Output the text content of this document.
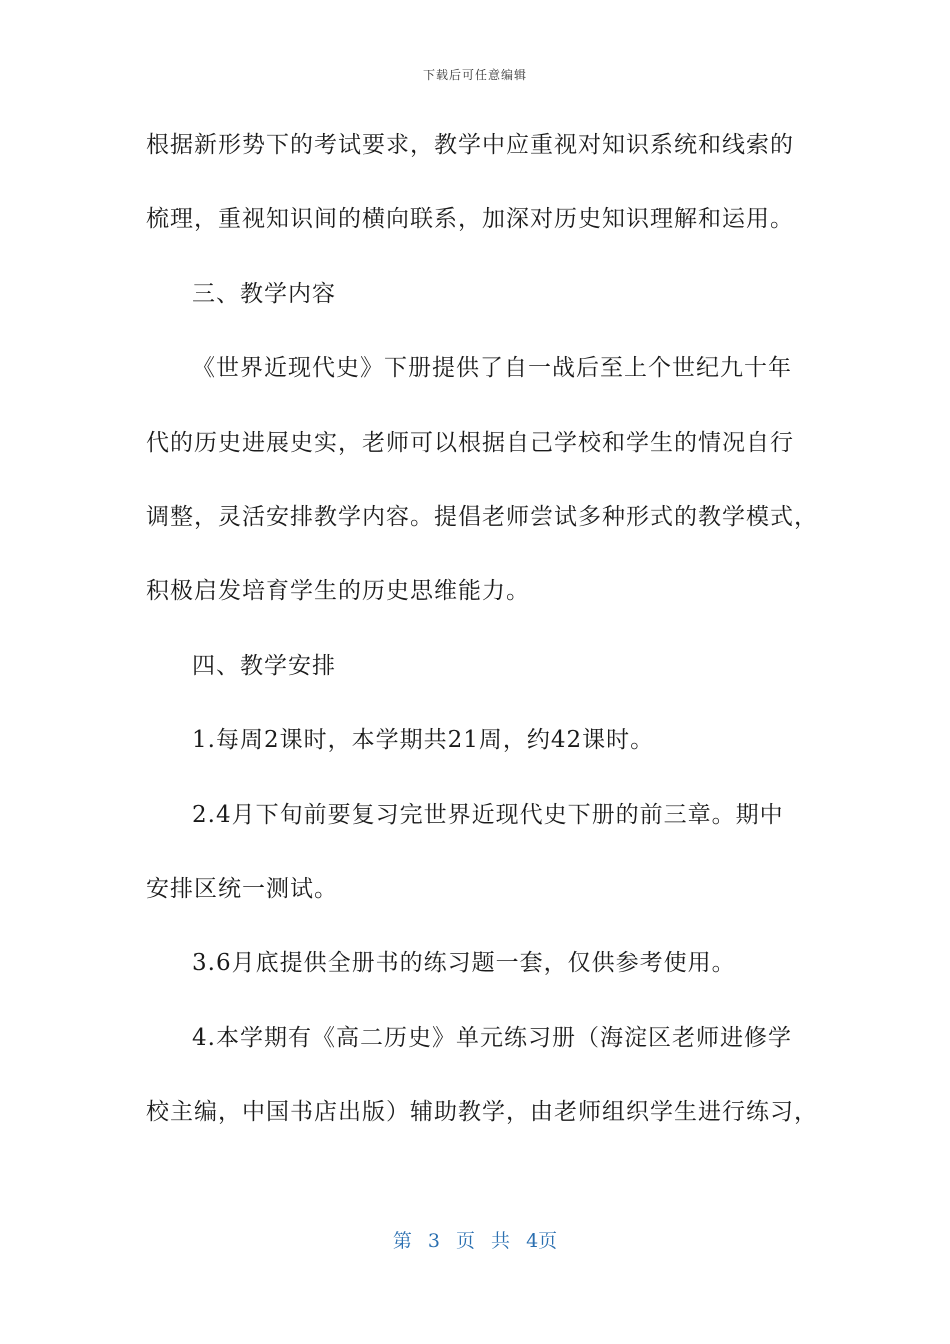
下载后可任意编辑
根据新形势下的考试要求，教学中应重视对知识系统和线索的
梳理，重视知识间的横向联系，加深对历史知识理解和运用。
三、教学内容
《世界近现代史》下册提供了自一战后至上个世纪九十年
代的历史进展史实，老师可以根据自己学校和学生的情况自行
调整，灵活安排教学内容。提倡老师尝试多种形式的教学模式，
积极启发培育学生的历史思维能力。
四、教学安排
1.每周2课时，本学期共21周，约42课时。
2.4月下旬前要复习完世界近现代史下册的前三章。期中
安排区统一测试。
3.6月底提供全册书的练习题一套，仅供参考使用。
4.本学期有《高二历史》单元练习册（海淀区老师进修学
校主编，中国书店出版）辅助教学，由老师组织学生进行练习，
第 3 页 共 4页
